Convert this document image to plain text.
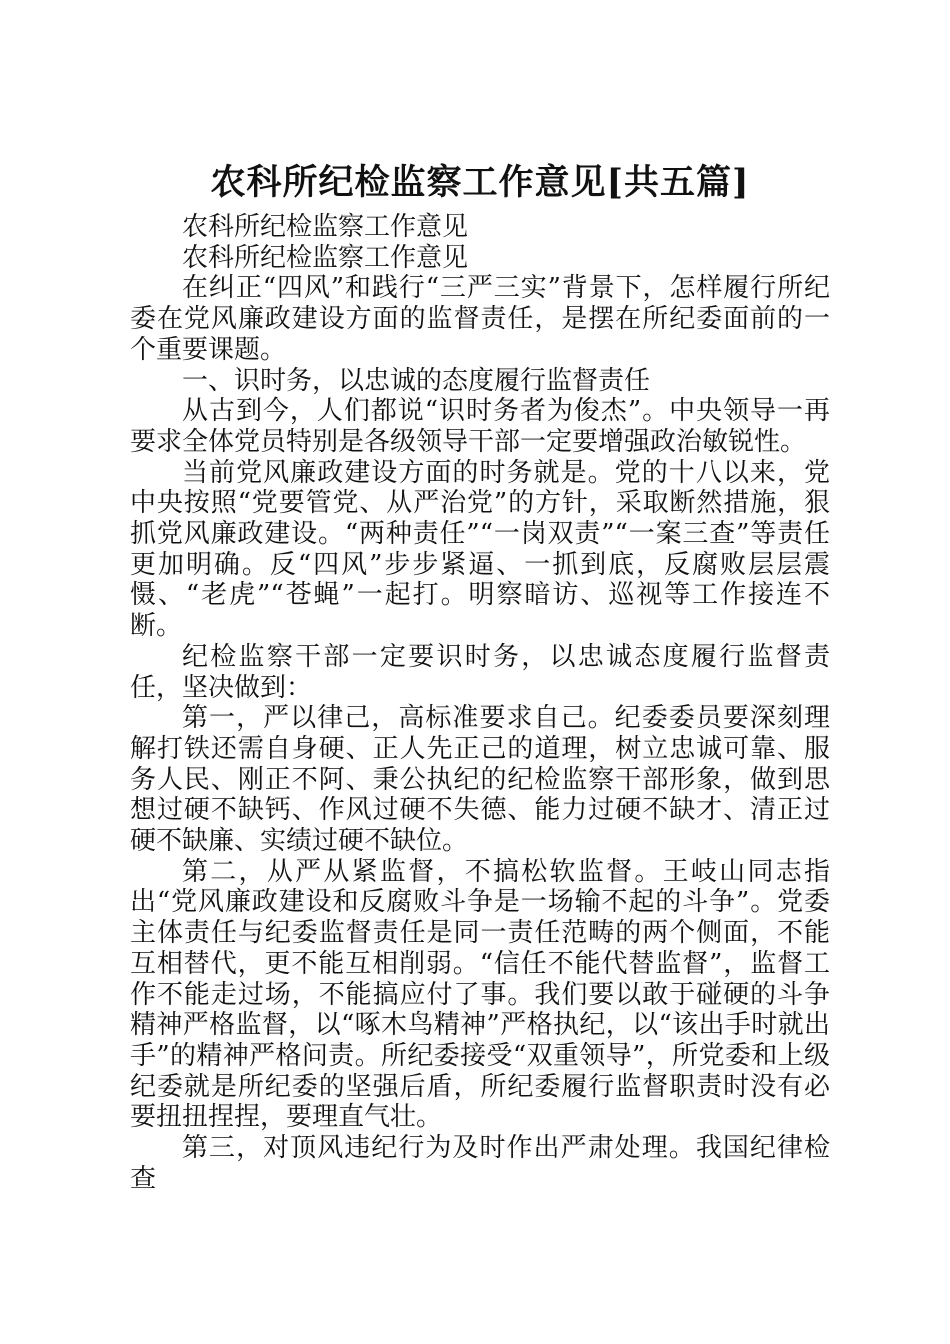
农科所纪检监察工作意见[共五篇]

农科所纪检监察工作意见

农科所纪检监察工作意见

在纠正“四风”和践行“三严三实”背景下，怎样履行所纪委在党风廉政建设方面的监督责任，是摆在所纪委面前的一个重要课题。

一、识时务，以忠诚的态度履行监督责任

从古到今，人们都说“识时务者为俊杰”。中央领导一再要求全体党员特别是各级领导干部一定要增强政治敏锐性。

当前党风廉政建设方面的时务就是。党的十八以来，党中央按照“党要管党、从严治党”的方针，采取断然措施，狠抓党风廉政建设。“两种责任”“一岗双责”“一案三查”等责任更加明确。反“四风”步步紧逼、一抓到底，反腐败层层震慑、“老虎”“苍蝇”一起打。明察暗访、巡视等工作接连不断。

纪检监察干部一定要识时务，以忠诚态度履行监督责任，坚决做到：

第一，严以律己，高标准要求自己。纪委委员要深刻理解打铁还需自身硬、正人先正己的道理，树立忠诚可靠、服务人民、刚正不阿、秉公执纪的纪检监察干部形象，做到思想过硬不缺钙、作风过硬不失德、能力过硬不缺才、清正过硬不缺廉、实绩过硬不缺位。

第二，从严从紧监督，不搞松软监督。王岐山同志指出“党风廉政建设和反腐败斗争是一场输不起的斗争”。党委主体责任与纪委监督责任是同一责任范畴的两个侧面，不能互相替代，更不能互相削弱。“信任不能代替监督”，监督工作不能走过场，不能搞应付了事。我们要以敢于碰硬的斗争精神严格监督，以“啄木鸟精神”严格执纪，以“该出手时就出手”的精神严格问责。所纪委接受“双重领导”，所党委和上级纪委就是所纪委的坚强后盾，所纪委履行监督职责时没有必要扭扭捏捏，要理直气壮。

第三，对顶风违纪行为及时作出严肃处理。我国纪律检查
